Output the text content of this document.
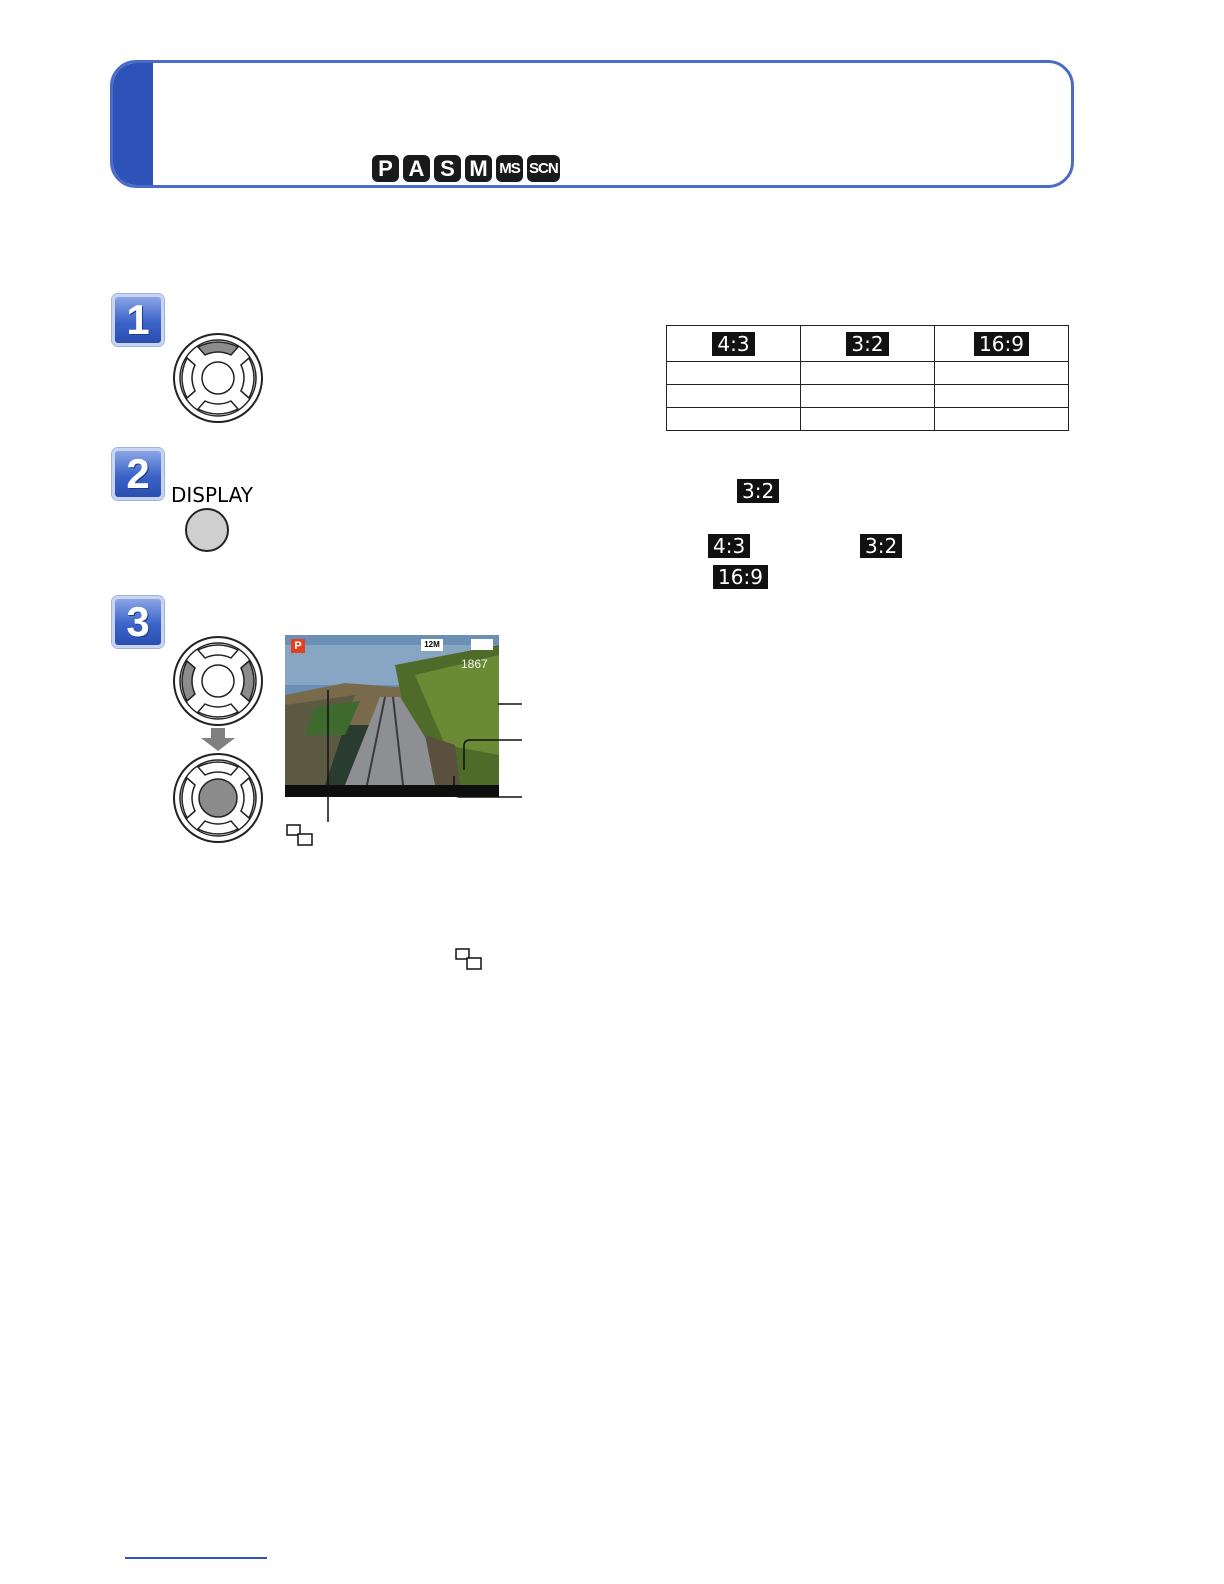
P A S M MS SCN
1
2	DISPLAY
3
P	12M
1867
4:3	3:2	16:9

3:2
4:3	3:2
16:9
